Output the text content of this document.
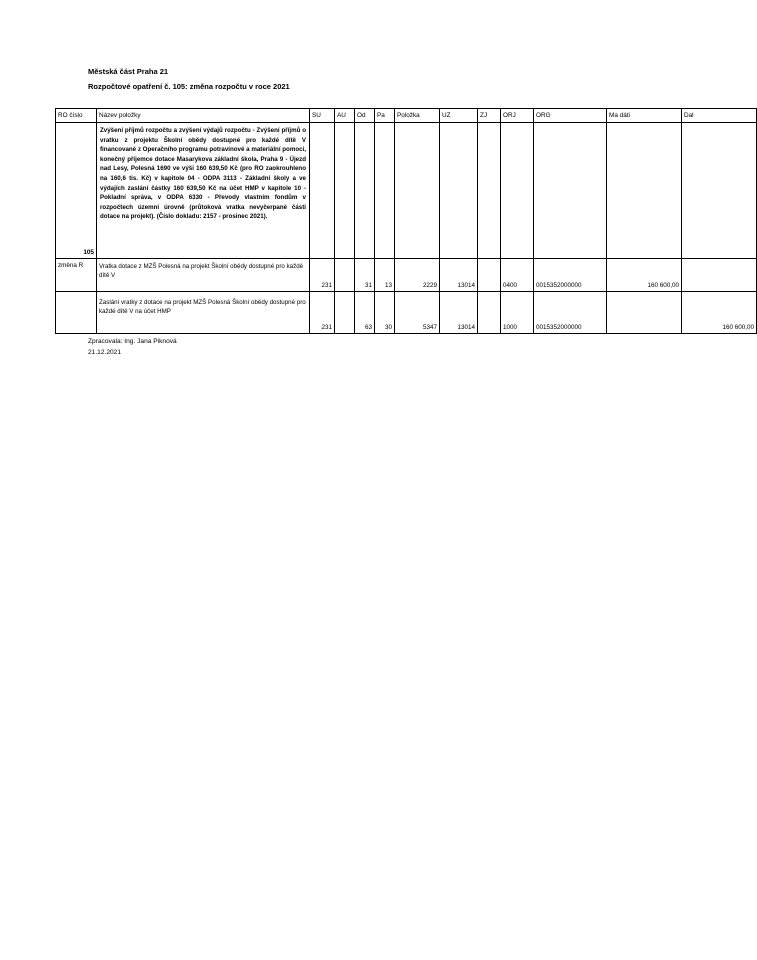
Městská část Praha 21
Rozpočtové opatření č. 105: změna rozpočtu v roce 2021
RO číslo	Název položky	SU	AU	Od	Pa	Položka	UZ	ZJ	ORJ	ORG	Ma dáti	Dal
105	Zvýšení příjmů rozpočtu a zvýšení výdajů rozpočtu - Zvýšení příjmů o vratku z projektu Školní obědy dostupné pro každé dítě V financované z Operačního programu potravinové a materiální pomoci, konečný příjemce dotace Masarykova základní škola, Praha 9 - Újezd nad Lesy, Polesná 1690 ve výši 160 639,50 Kč (pro RO zaokrouhleno na 160,6 tis. Kč) v kapitole 04 - ODPA 3113 - Základní školy a ve výdajích zaslání částky 160 639,50 Kč na účet HMP v kapitole 10 - Pokladní správa, v ODPA 6330 - Převody vlastním fondům v rozpočtech územní úrovně (průtoková vratka nevyčerpané části dotace na projekt). (Číslo dokladu: 2157 - prosinec 2021).											
změna R	Vratka dotace z MZŠ Polesná na projekt Školní obědy dostupné pro každé dítě V	231		31	13	2229	13014		0400	0015352000000	160 600,00	
	Zaslání vratky z dotace na projekt MZŠ Polesná Školní obědy dostupné pro každé dítě V na účet HMP	231		63	30	5347	13014		1000	0015352000000		160 600,00
Zpracovala: Ing. Jana Piknová
21.12.2021
